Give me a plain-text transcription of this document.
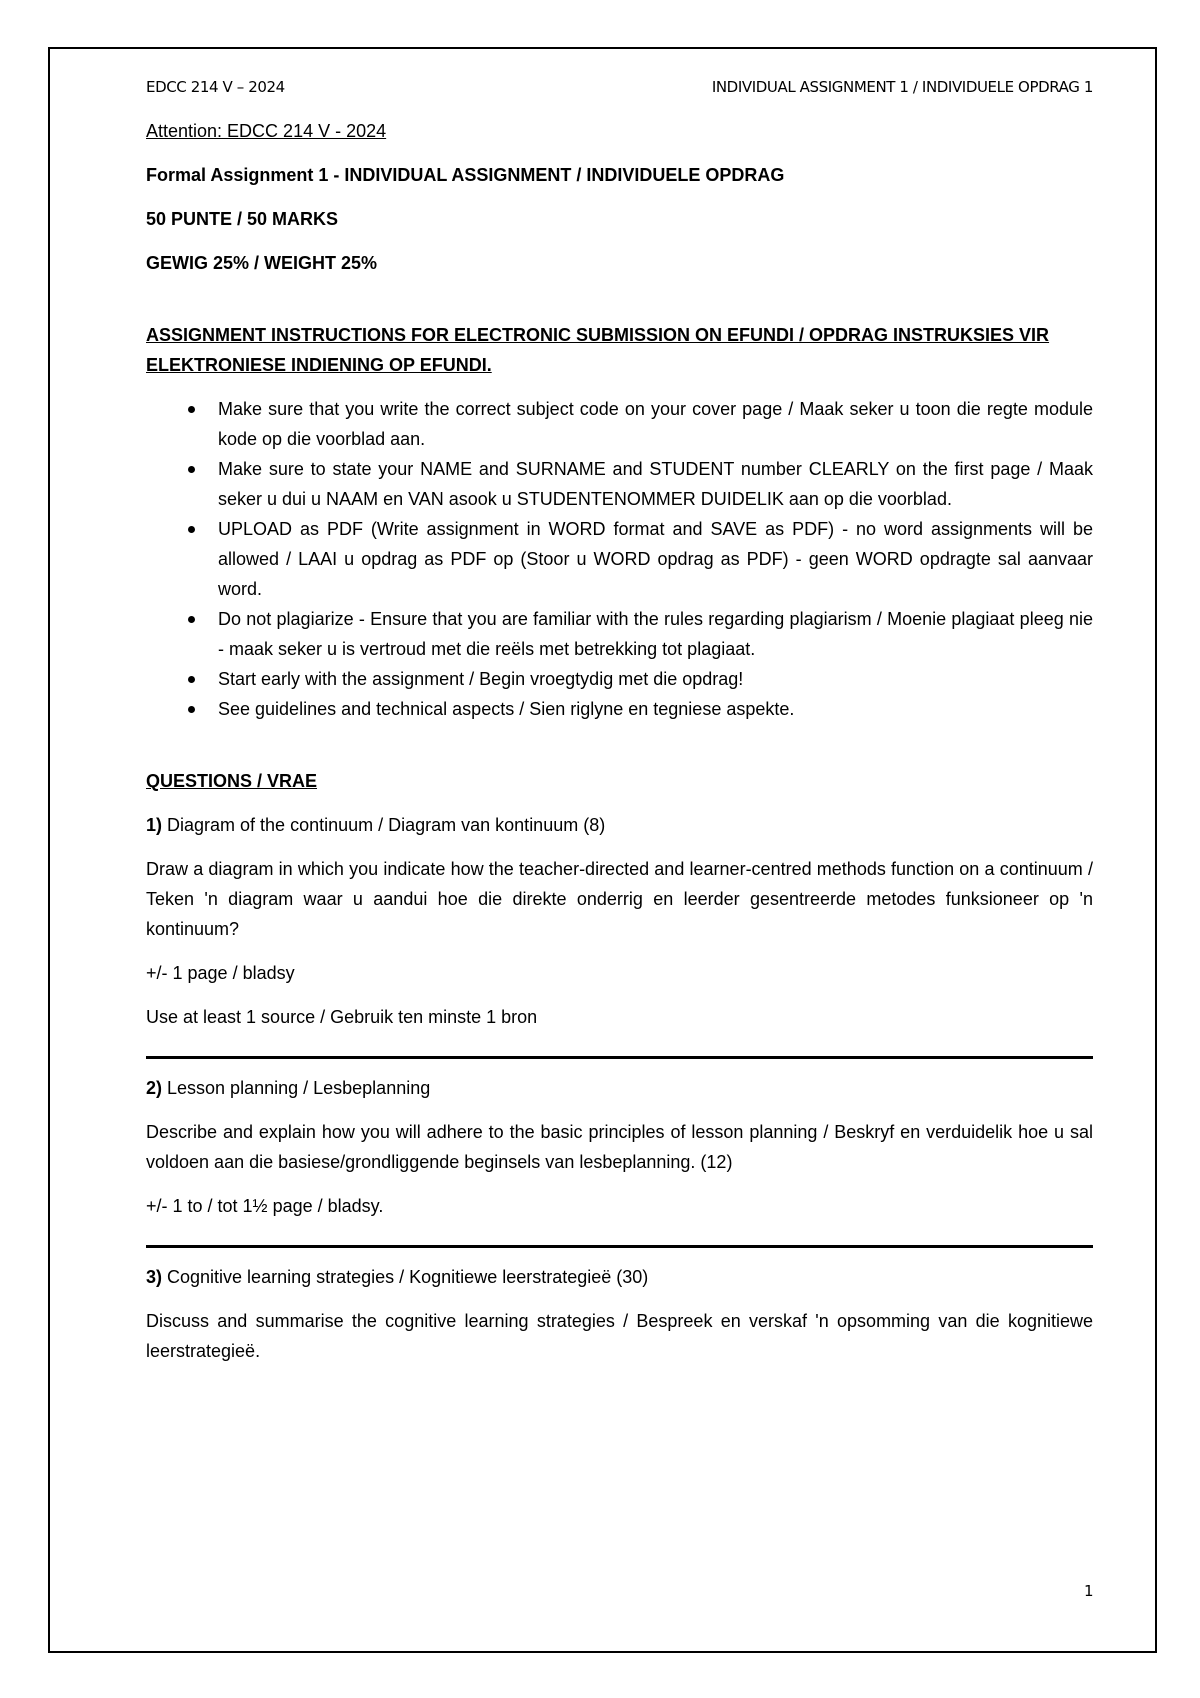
EDCC 214 V – 2024	INDIVIDUAL ASSIGNMENT 1 / INDIVIDUELE OPDRAG 1

Attention: EDCC 214 V - 2024

Formal Assignment 1 - INDIVIDUAL ASSIGNMENT / INDIVIDUELE OPDRAG

50 PUNTE / 50 MARKS

GEWIG 25% / WEIGHT 25%

ASSIGNMENT INSTRUCTIONS FOR ELECTRONIC SUBMISSION ON EFUNDI / OPDRAG INSTRUKSIES VIR ELEKTRONIESE INDIENING OP EFUNDI.

Make sure that you write the correct subject code on your cover page / Maak seker u toon die regte module kode op die voorblad aan.
Make sure to state your NAME and SURNAME and STUDENT number CLEARLY on the first page / Maak seker u dui u NAAM en VAN asook u STUDENTENOMMER DUIDELIK aan op die voorblad.
UPLOAD as PDF (Write assignment in WORD format and SAVE as PDF) - no word assignments will be allowed / LAAI u opdrag as PDF op (Stoor u WORD opdrag as PDF) - geen WORD opdragte sal aanvaar word.
Do not plagiarize - Ensure that you are familiar with the rules regarding plagiarism / Moenie plagiaat pleeg nie - maak seker u is vertroud met die reëls met betrekking tot plagiaat.
Start early with the assignment / Begin vroegtydig met die opdrag!
See guidelines and technical aspects / Sien riglyne en tegniese aspekte.

QUESTIONS / VRAE

1) Diagram of the continuum / Diagram van kontinuum (8)

Draw a diagram in which you indicate how the teacher-directed and learner-centred methods function on a continuum / Teken 'n diagram waar u aandui hoe die direkte onderrig en leerder gesentreerde metodes funksioneer op 'n kontinuum?

+/- 1 page / bladsy

Use at least 1 source / Gebruik ten minste 1 bron

2) Lesson planning / Lesbeplanning

Describe and explain how you will adhere to the basic principles of lesson planning / Beskryf en verduidelik hoe u sal voldoen aan die basiese/grondliggende beginsels van lesbeplanning. (12)

+/- 1 to / tot 1½ page / bladsy.

3) Cognitive learning strategies / Kognitiewe leerstrategieë (30)

Discuss and summarise the cognitive learning strategies / Bespreek en verskaf 'n opsomming van die kognitiewe leerstrategieë.

1
